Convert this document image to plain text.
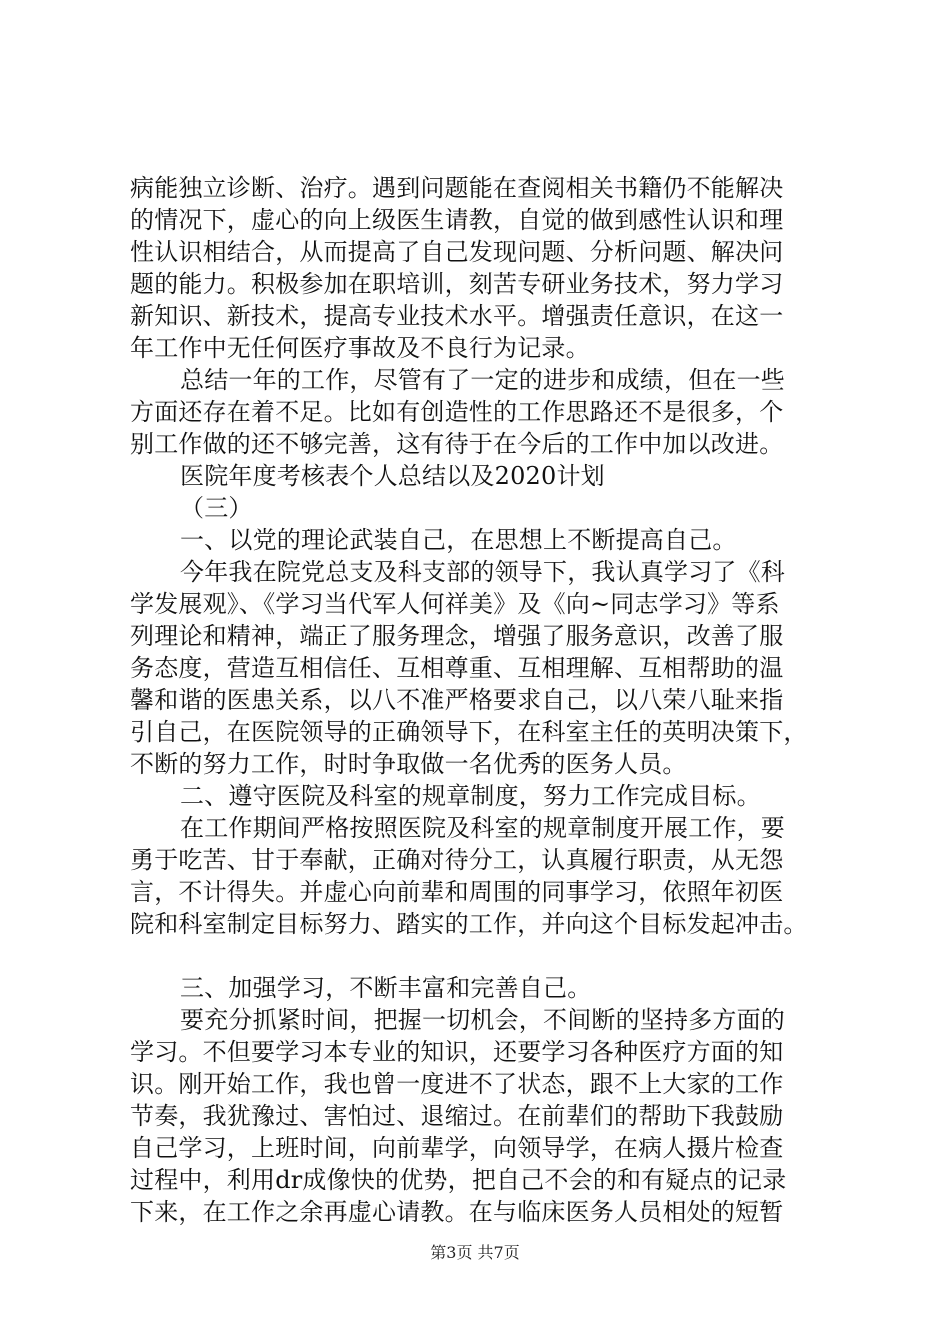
病能独立诊断、治疗。遇到问题能在查阅相关书籍仍不能解决
的情况下，虚心的向上级医生请教，自觉的做到感性认识和理
性认识相结合，从而提高了自己发现问题、分析问题、解决问
题的能力。积极参加在职培训，刻苦专研业务技术，努力学习
新知识、新技术，提高专业技术水平。增强责任意识，在这一
年工作中无任何医疗事故及不良行为记录。
总结一年的工作，尽管有了一定的进步和成绩，但在一些
方面还存在着不足。比如有创造性的工作思路还不是很多，个
别工作做的还不够完善，这有待于在今后的工作中加以改进。
医院年度考核表个人总结以及2020计划
（三）
一、以党的理论武装自己，在思想上不断提高自己。
今年我在院党总支及科支部的领导下，我认真学习了《科
学发展观》、《学习当代军人何祥美》及《向~同志学习》等系
列理论和精神，端正了服务理念，增强了服务意识，改善了服
务态度，营造互相信任、互相尊重、互相理解、互相帮助的温
馨和谐的医患关系，以八不准严格要求自己，以八荣八耻来指
引自己，在医院领导的正确领导下，在科室主任的英明决策下，
不断的努力工作，时时争取做一名优秀的医务人员。
二、遵守医院及科室的规章制度，努力工作完成目标。
在工作期间严格按照医院及科室的规章制度开展工作，要
勇于吃苦、甘于奉献，正确对待分工，认真履行职责，从无怨
言，不计得失。并虚心向前辈和周围的同事学习，依照年初医
院和科室制定目标努力、踏实的工作，并向这个目标发起冲击。
三、加强学习，不断丰富和完善自己。
要充分抓紧时间，把握一切机会，不间断的坚持多方面的
学习。不但要学习本专业的知识，还要学习各种医疗方面的知
识。刚开始工作，我也曾一度进不了状态，跟不上大家的工作
节奏，我犹豫过、害怕过、退缩过。在前辈们的帮助下我鼓励
自己学习，上班时间，向前辈学，向领导学，在病人摄片检查
过程中，利用dr成像快的优势，把自己不会的和有疑点的记录
下来，在工作之余再虚心请教。在与临床医务人员相处的短暂
第3页 共7页
